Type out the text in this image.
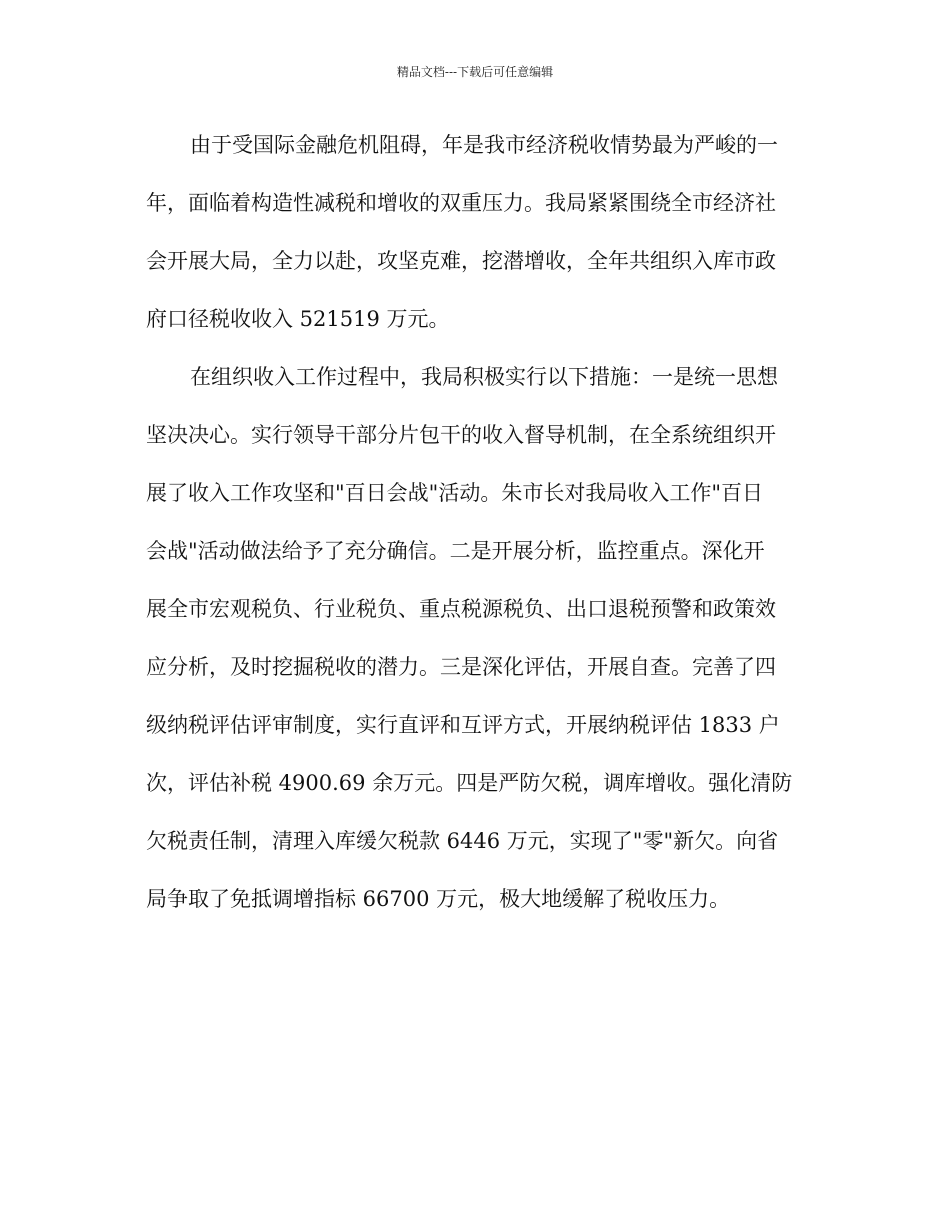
精品文档---下载后可任意编辑
由于受国际金融危机阻碍，年是我市经济税收情势最为严峻的一
年，面临着构造性减税和增收的双重压力。我局紧紧围绕全市经济社
会开展大局，全力以赴，攻坚克难，挖潜增收，全年共组织入库市政
府口径税收收入 521519 万元。
在组织收入工作过程中，我局积极实行以下措施：一是统一思想
坚决决心。实行领导干部分片包干的收入督导机制，在全系统组织开
展了收入工作攻坚和"百日会战"活动。朱市长对我局收入工作"百日
会战"活动做法给予了充分确信。二是开展分析，监控重点。深化开
展全市宏观税负、行业税负、重点税源税负、出口退税预警和政策效
应分析，及时挖掘税收的潜力。三是深化评估，开展自查。完善了四
级纳税评估评审制度，实行直评和互评方式，开展纳税评估 1833 户
次，评估补税 4900.69 余万元。四是严防欠税，调库增收。强化清防
欠税责任制，清理入库缓欠税款 6446 万元，实现了"零"新欠。向省
局争取了免抵调增指标 66700 万元，极大地缓解了税收压力。
